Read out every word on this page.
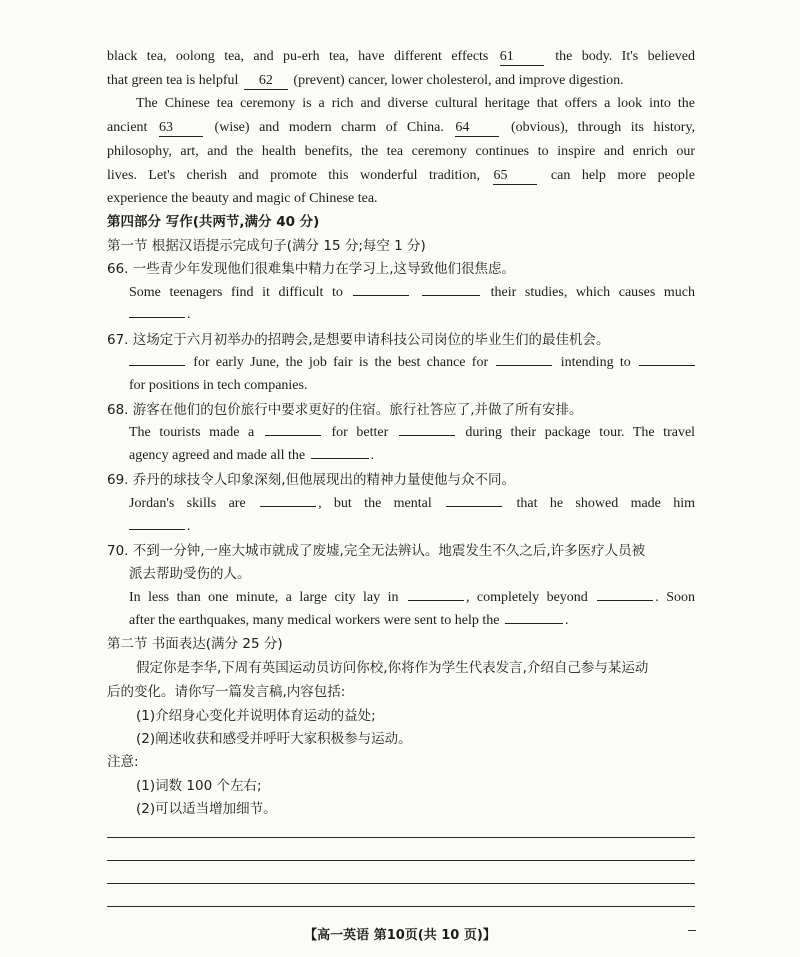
black tea, oolong tea, and pu-erh tea, have different effects 61	the body. It's believed
that green tea is helpful 62 (prevent) cancer, lower cholesterol, and improve digestion.
The Chinese tea ceremony is a rich and diverse cultural heritage that offers a look into the
ancient 63	(wise) and modern charm of China. 64	(obvious), through its history,
philosophy, art, and the health benefits, the tea ceremony continues to inspire and enrich our
lives. Let's cherish and promote this wonderful tradition, 65	can help more people
experience the beauty and magic of Chinese tea.
第四部分 写作(共两节,满分 40 分)
第一节 根据汉语提示完成句子(满分 15 分;每空 1 分)
66. 一些青少年发现他们很难集中精力在学习上,这导致他们很焦虑。
Some teenagers find it difficult to	their studies, which causes much
.
67. 这场定于六月初举办的招聘会,是想要申请科技公司岗位的毕业生们的最佳机会。
for early June, the job fair is the best chance for	intending to
for positions in tech companies.
68. 游客在他们的包价旅行中要求更好的住宿。旅行社答应了,并做了所有安排。
The tourists made a	for better	during their package tour. The travel
agency agreed and made all the	.
69. 乔丹的球技令人印象深刻,但他展现出的精神力量使他与众不同。
Jordan's skills are	, but the mental	that he showed made him
.
70. 不到一分钟,一座大城市就成了废墟,完全无法辨认。地震发生不久之后,许多医疗人员被
派去帮助受伤的人。
In less than one minute, a large city lay in	, completely beyond	. Soon
after the earthquakes, many medical workers were sent to help the	.
第二节 书面表达(满分 25 分)
假定你是李华,下周有英国运动员访问你校,你将作为学生代表发言,介绍自己参与某运动
后的变化。请你写一篇发言稿,内容包括:
(1)介绍身心变化并说明体育运动的益处;
(2)阐述收获和感受并呼吁大家积极参与运动。
注意:
(1)词数 100 个左右;
(2)可以适当增加细节。
【高一英语 第10页(共 10 页)】
